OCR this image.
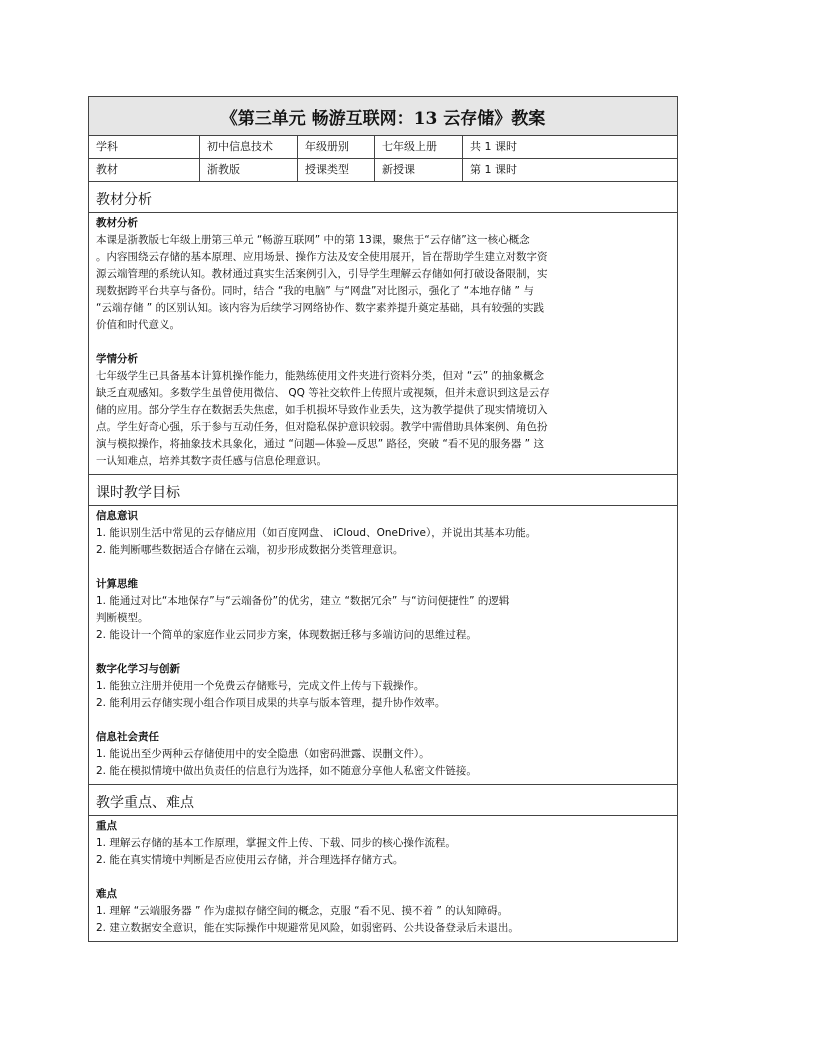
《第三单元 畅游互联网：13 云存储》教案
学科	初中信息技术	年级册别	七年级上册	共 1 课时
教材	浙教版	授课类型	新授课	第 1 课时
教材分析
教材分析
本课是浙教版七年级上册第三单元 “畅游互联网” 中的第 13课，聚焦于“云存储”这一核心概念
。内容围绕云存储的基本原理、应用场景、操作方法及安全使用展开，旨在帮助学生建立对数字资
源云端管理的系统认知。教材通过真实生活案例引入，引导学生理解云存储如何打破设备限制，实
现数据跨平台共享与备份。同时，结合 “我的电脑” 与“网盘”对比图示，强化了 “本地存储 ” 与
“云端存储 ” 的区别认知。该内容为后续学习网络协作、数字素养提升奠定基础，具有较强的实践
价值和时代意义。
学情分析
七年级学生已具备基本计算机操作能力，能熟练使用文件夹进行资料分类，但对 “云” 的抽象概念
缺乏直观感知。多数学生虽曾使用微信、 QQ 等社交软件上传照片或视频，但并未意识到这是云存
储的应用。部分学生存在数据丢失焦虑，如手机损坏导致作业丢失，这为教学提供了现实情境切入
点。学生好奇心强，乐于参与互动任务，但对隐私保护意识较弱。教学中需借助具体案例、角色扮
演与模拟操作，将抽象技术具象化，通过 “问题—体验—反思” 路径，突破 “看不见的服务器 ” 这
一认知难点，培养其数字责任感与信息伦理意识。
课时教学目标
信息意识
1. 能识别生活中常见的云存储应用（如百度网盘、 iCloud、OneDrive），并说出其基本功能。
2. 能判断哪些数据适合存储在云端，初步形成数据分类管理意识。
计算思维
1. 能通过对比“本地保存”与“云端备份”的优劣，建立 “数据冗余” 与“访问便捷性” 的逻辑
判断模型。
2. 能设计一个简单的家庭作业云同步方案，体现数据迁移与多端访问的思维过程。
数字化学习与创新
1. 能独立注册并使用一个免费云存储账号，完成文件上传与下载操作。
2. 能利用云存储实现小组合作项目成果的共享与版本管理，提升协作效率。
信息社会责任
1. 能说出至少两种云存储使用中的安全隐患（如密码泄露、误删文件）。
2. 能在模拟情境中做出负责任的信息行为选择，如不随意分享他人私密文件链接。
教学重点、难点
重点
1. 理解云存储的基本工作原理，掌握文件上传、下载、同步的核心操作流程。
2. 能在真实情境中判断是否应使用云存储，并合理选择存储方式。
难点
1. 理解 “云端服务器 ” 作为虚拟存储空间的概念，克服 “看不见、摸不着 ” 的认知障碍。
2. 建立数据安全意识，能在实际操作中规避常见风险，如弱密码、公共设备登录后未退出。
